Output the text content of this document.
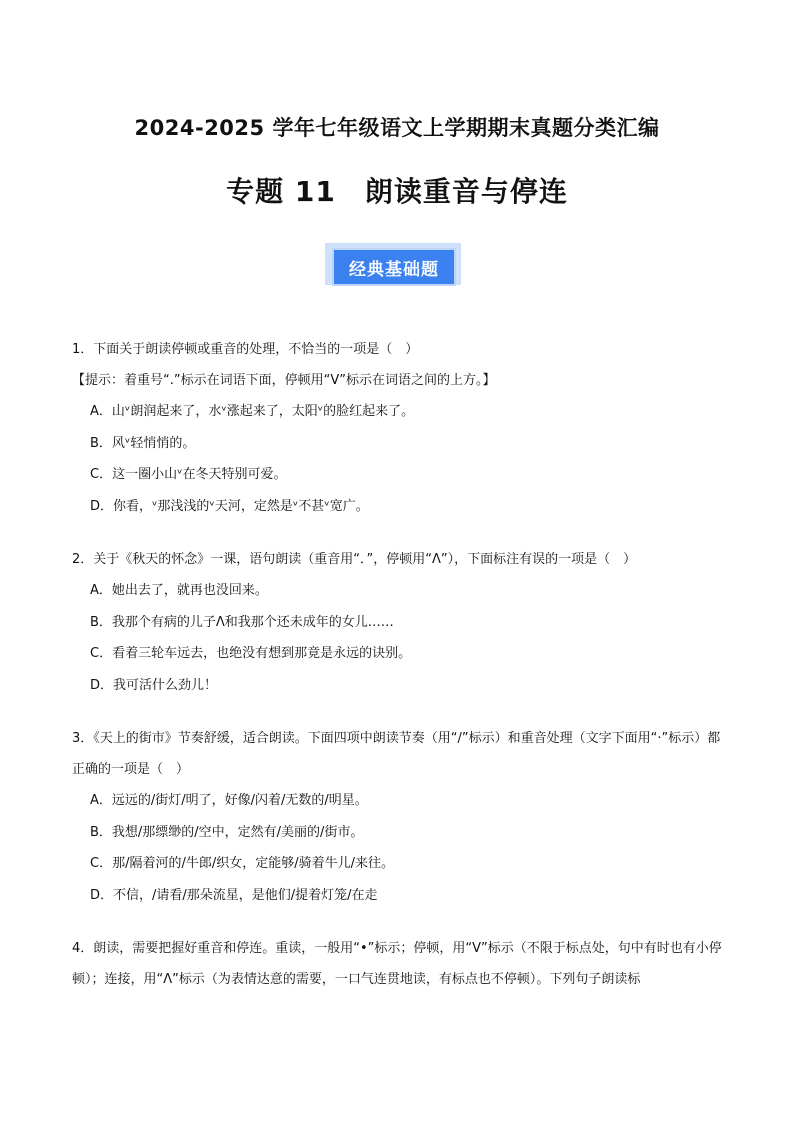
2024-2025 学年七年级语文上学期期末真题分类汇编
专题 11　朗读重音与停连
经典基础题
1．下面关于朗读停顿或重音的处理，不恰当的一项是（　）
【提示：着重号“.”标示在词语下面，停顿用“V”标示在词语之间的上方。】
A．山ᵛ朗润起来了，水ᵛ涨起来了，太阳ᵛ的脸红起来了。
B．风ᵛ轻悄悄的。
C．这一圈小山ᵛ在冬天特别可爱。
D．你看，ᵛ那浅浅的ᵛ天河，定然是ᵛ不甚ᵛ宽广。
2．关于《秋天的怀念》一课，语句朗读（重音用“．”，停顿用“Λ”），下面标注有误的一项是（　）
A．她出去了，就再也没回来。
B．我那个有病的儿子Λ和我那个还未成年的女儿……
C．看着三轮车远去，也绝没有想到那竟是永远的诀别。
D．我可活什么劲儿！
3．《天上的街市》节奏舒缓，适合朗读。下面四项中朗读节奏（用“/”标示）和重音处理（文字下面用“·”标示）都正确的一项是（　）
A．远远的/街灯/明了，好像/闪着/无数的/明星。
B．我想/那缥缈的/空中，定然有/美丽的/街市。
C．那/隔着河的/牛郎/织女，定能够/骑着牛儿/来往。
D．不信，/请看/那朵流星，是他们/提着灯笼/在走
4．朗读，需要把握好重音和停连。重读，一般用“•”标示；停顿，用“V”标示（不限于标点处，句中有时也有小停顿）；连接，用“Λ”标示（为表情达意的需要，一口气连贯地读，有标点也不停顿）。下列句子朗读标
